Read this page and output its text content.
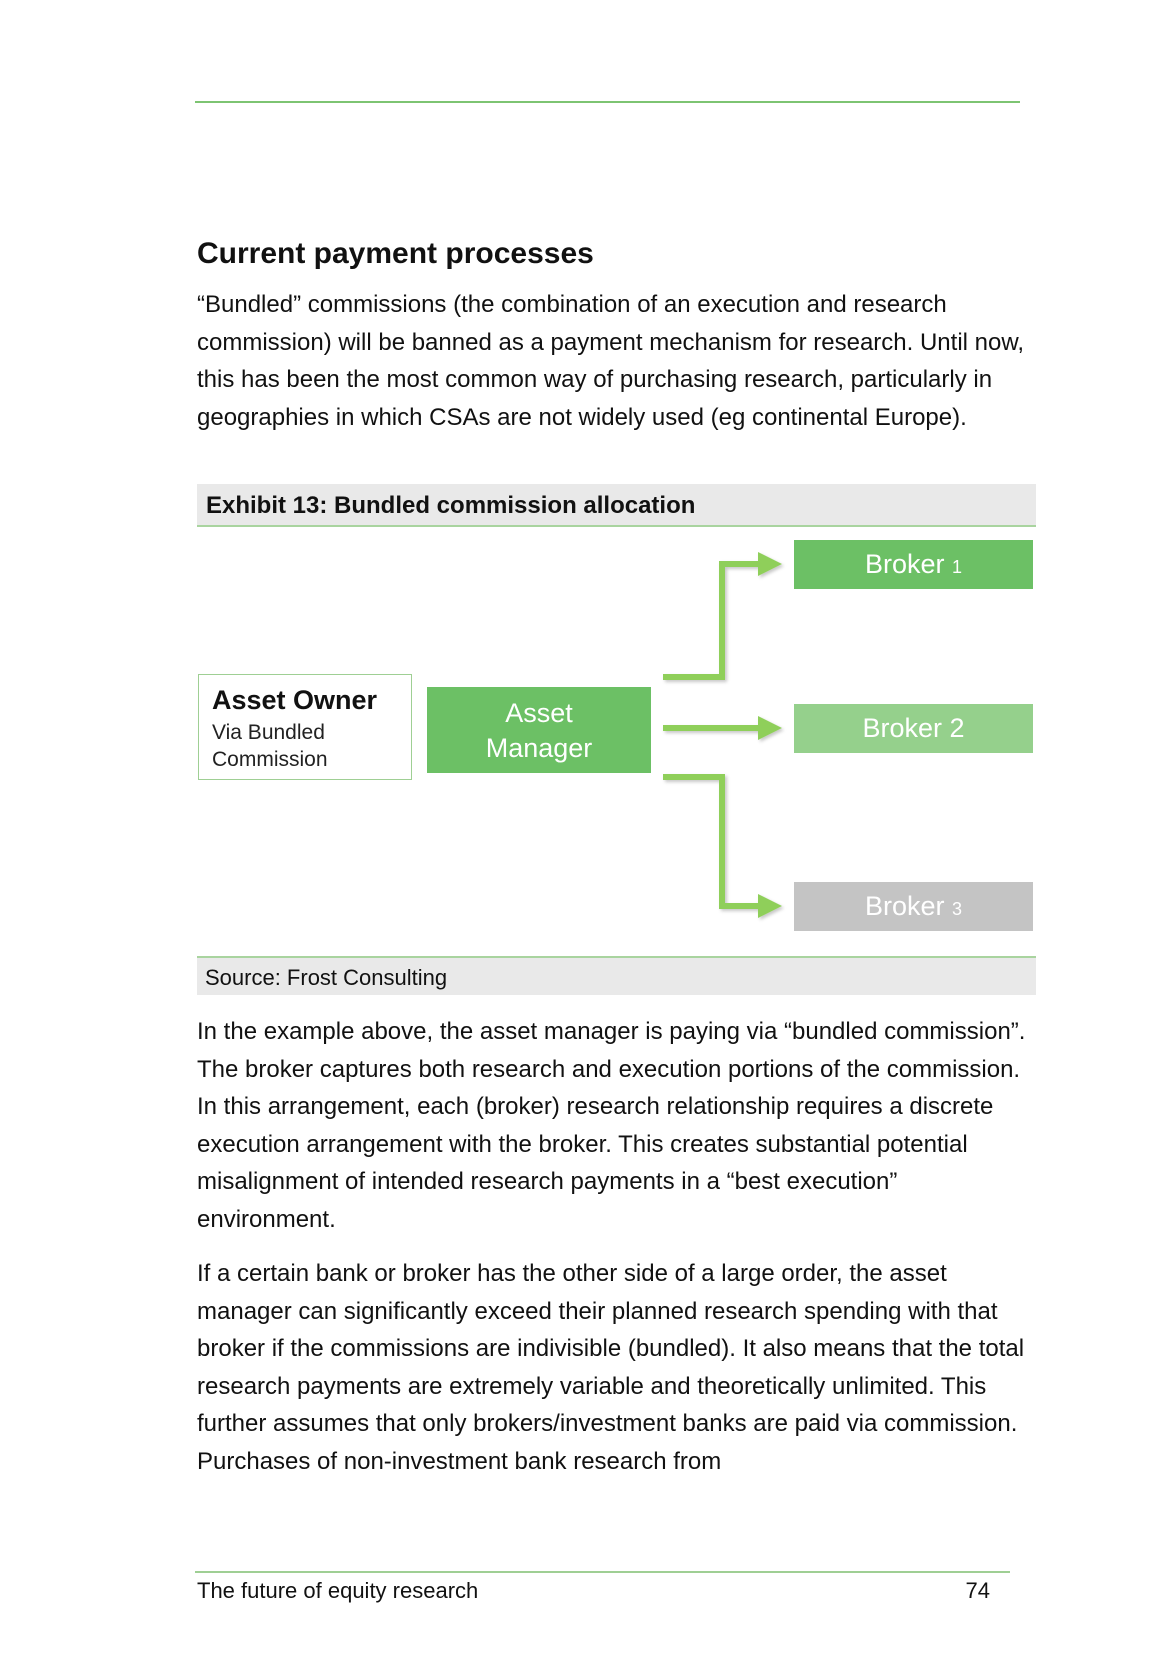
Current payment processes

“Bundled” commissions (the combination of an execution and research commission) will be banned as a payment mechanism for research. Until now, this has been the most common way of purchasing research, particularly in geographies in which CSAs are not widely used (eg continental Europe).

Exhibit 13: Bundled commission allocation
Asset Owner
Via Bundled Commission
Asset
Manager
Broker 1
Broker 2
Broker 3
Source: Frost Consulting

In the example above, the asset manager is paying via “bundled commission”. The broker captures both research and execution portions of the commission. In this arrangement, each (broker) research relationship requires a discrete execution arrangement with the broker. This creates substantial potential misalignment of intended research payments in a “best execution” environment.

If a certain bank or broker has the other side of a large order, the asset manager can significantly exceed their planned research spending with that broker if the commissions are indivisible (bundled). It also means that the total research payments are extremely variable and theoretically unlimited. This further assumes that only brokers/investment banks are paid via commission. Purchases of non-investment bank research from

The future of equity research	74
